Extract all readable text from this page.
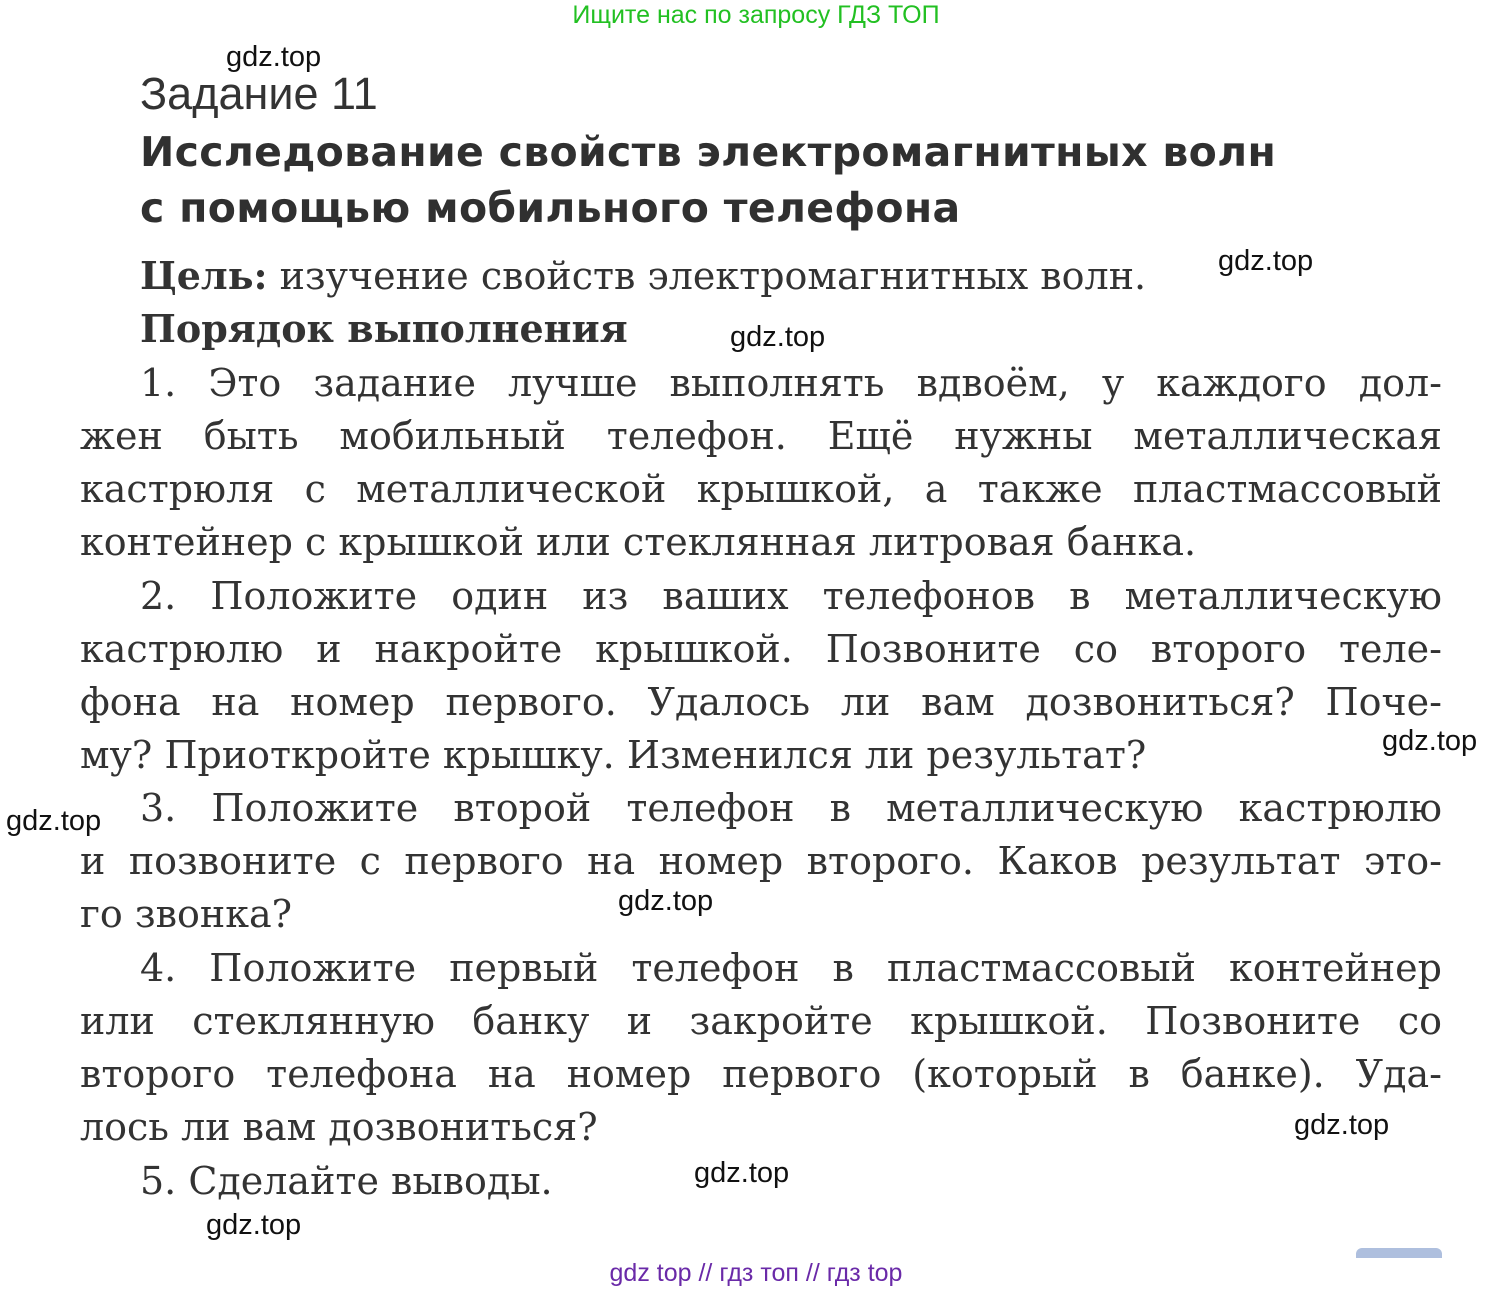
Ищите нас по запросу ГДЗ ТОП
Задание 11
Исследование свойств электромагнитных волн
с помощью мобильного телефона
Цель: изучение свойств электромагнитных волн.
Порядок выполнения
1. Это задание лучше выполнять вдвоём, у каждого дол-
жен быть мобильный телефон. Ещё нужны металлическая
кастрюля с металлической крышкой, а также пластмассовый
контейнер с крышкой или стеклянная литровая банка.
2. Положите один из ваших телефонов в металлическую
кастрюлю и накройте крышкой. Позвоните со второго теле-
фона на номер первого. Удалось ли вам дозвониться? Поче-
му? Приоткройте крышку. Изменился ли результат?
3. Положите второй телефон в металлическую кастрюлю
и позвоните с первого на номер второго. Каков результат это-
го звонка?
4. Положите первый телефон в пластмассовый контейнер
или стеклянную банку и закройте крышкой. Позвоните со
второго телефона на номер первого (который в банке). Уда-
лось ли вам дозвониться?
5. Сделайте выводы.
gdz.top
gdz.top
gdz.top
gdz.top
gdz.top
gdz.top
gdz.top
gdz.top
gdz.top
gdz top // гдз топ // гдз top
